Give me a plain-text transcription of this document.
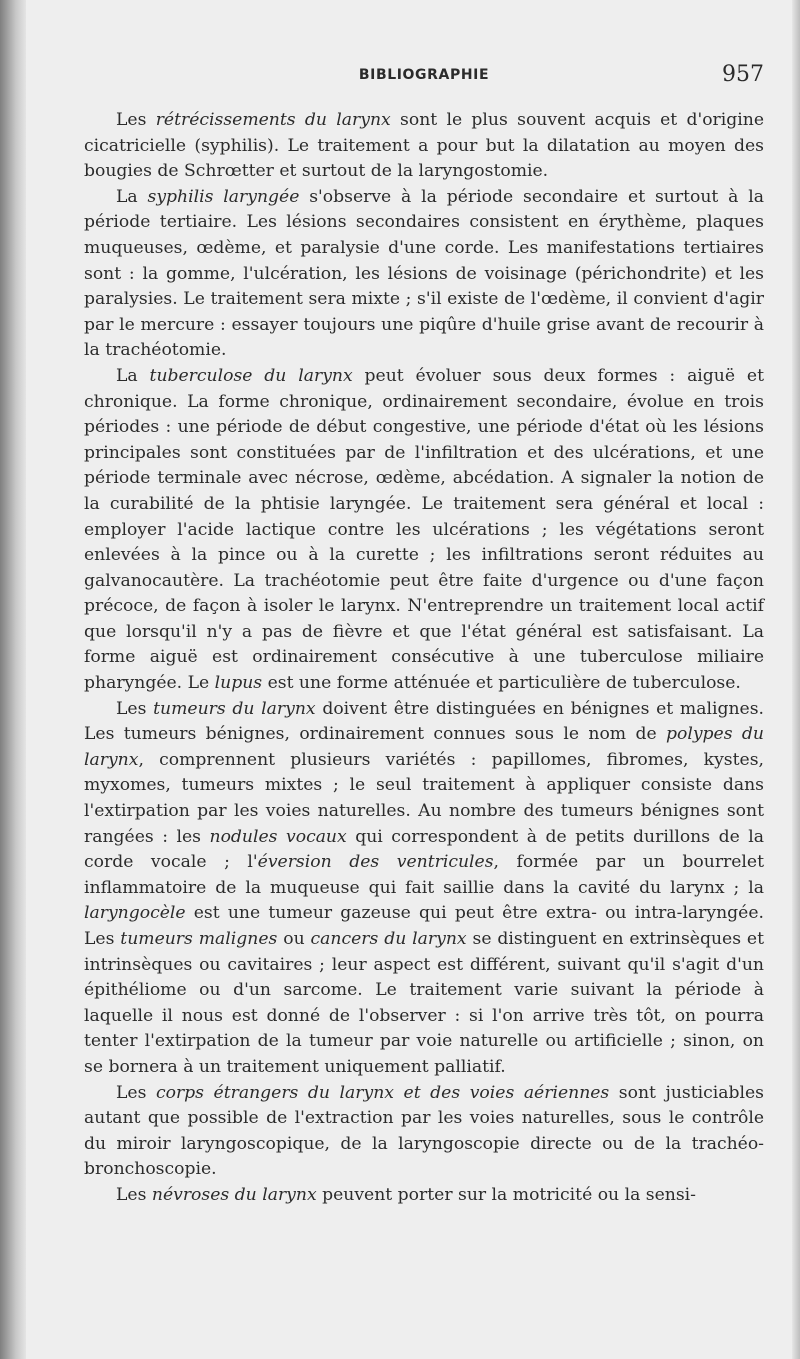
BIBLIOGRAPHIE	957

Les rétrécissements du larynx sont le plus souvent acquis et d'origine cicatricielle (syphilis). Le traitement a pour but la dilatation au moyen des bougies de Schrœtter et surtout de la laryngostomie.

La syphilis laryngée s'observe à la période secondaire et surtout à la période tertiaire. Les lésions secondaires consistent en érythème, plaques muqueuses, œdème, et paralysie d'une corde. Les manifestations tertiaires sont : la gomme, l'ulcération, les lésions de voisinage (périchondrite) et les paralysies. Le traitement sera mixte ; s'il existe de l'œdème, il convient d'agir par le mercure : essayer toujours une piqûre d'huile grise avant de recourir à la trachéotomie.

La tuberculose du larynx peut évoluer sous deux formes : aiguë et chronique. La forme chronique, ordinairement secondaire, évolue en trois périodes : une période de début congestive, une période d'état où les lésions principales sont constituées par de l'infiltration et des ulcérations, et une période terminale avec nécrose, œdème, abcédation. A signaler la notion de la curabilité de la phtisie laryngée. Le traitement sera général et local : employer l'acide lactique contre les ulcérations ; les végétations seront enlevées à la pince ou à la curette ; les infiltrations seront réduites au galvanocautère. La trachéotomie peut être faite d'urgence ou d'une façon précoce, de façon à isoler le larynx. N'entreprendre un traitement local actif que lorsqu'il n'y a pas de fièvre et que l'état général est satisfaisant. La forme aiguë est ordinairement consécutive à une tuberculose miliaire pharyngée. Le lupus est une forme atténuée et particulière de tuberculose.

Les tumeurs du larynx doivent être distinguées en bénignes et malignes. Les tumeurs bénignes, ordinairement connues sous le nom de polypes du larynx, comprennent plusieurs variétés : papillomes, fibromes, kystes, myxomes, tumeurs mixtes ; le seul traitement à appliquer consiste dans l'extirpation par les voies naturelles. Au nombre des tumeurs bénignes sont rangées : les nodules vocaux qui correspondent à de petits durillons de la corde vocale ; l'éversion des ventricules, formée par un bourrelet inflammatoire de la muqueuse qui fait saillie dans la cavité du larynx ; la laryngocèle est une tumeur gazeuse qui peut être extra- ou intra-laryngée. Les tumeurs malignes ou cancers du larynx se distinguent en extrinsèques et intrinsèques ou cavitaires ; leur aspect est différent, suivant qu'il s'agit d'un épithéliome ou d'un sarcome. Le traitement varie suivant la période à laquelle il nous est donné de l'observer : si l'on arrive très tôt, on pourra tenter l'extirpation de la tumeur par voie naturelle ou artificielle ; sinon, on se bornera à un traitement uniquement palliatif.

Les corps étrangers du larynx et des voies aériennes sont justiciables autant que possible de l'extraction par les voies naturelles, sous le contrôle du miroir laryngoscopique, de la laryngoscopie directe ou de la trachéo-bronchoscopie.

Les névroses du larynx peuvent porter sur la motricité ou la sensi-
